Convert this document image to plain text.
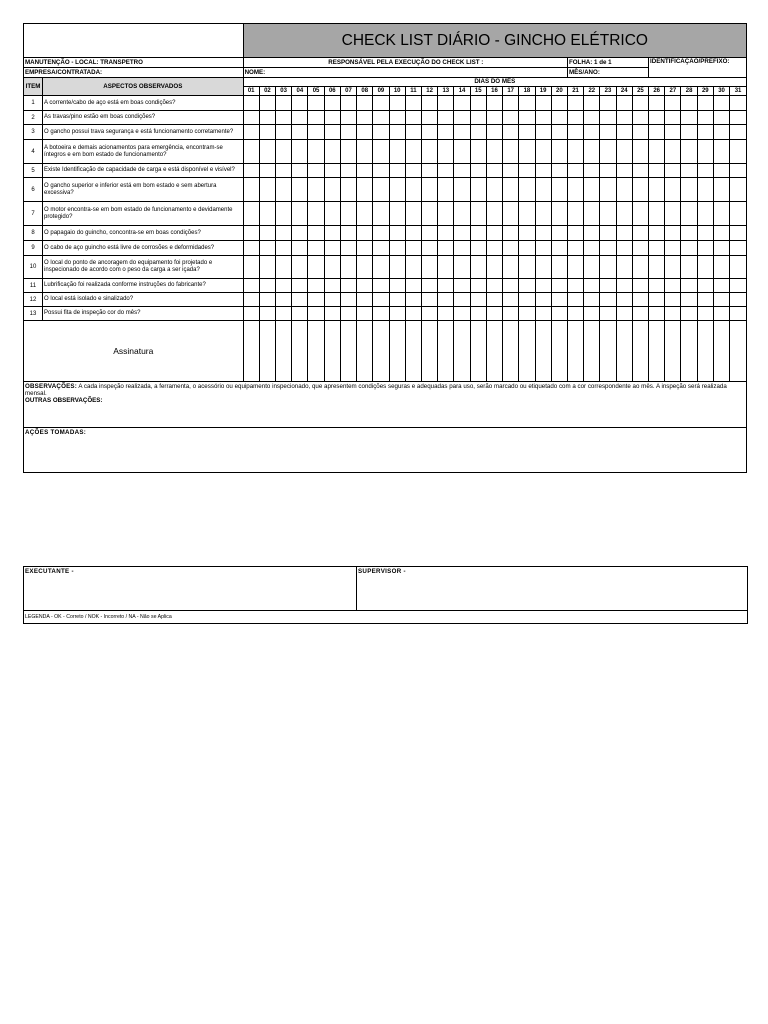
		CHECK LIST DIÁRIO - GINCHO ELÉTRICO																														
MANUTENÇÃO - LOCAL: TRANSPETRO		RESPONSÁVEL PELA EXECUÇÃO DO CHECK LIST :																				FOLHA: 1 de 1					IDENTIFICAÇÃO/PREFIXO:					
EMPRESA/CONTRATADA:		NOME:																				MÊS/ANO:										
ITEM	ASPECTOS OBSERVADOS	DIAS DO MÊS																														
		01	02	03	04	05	06	07	08	09	10	11	12	13	14	15	16	17	18	19	20	21	22	23	24	25	26	27	28	29	30	31
1	A corrente/cabo de aço está em boas condições?																															
2	As travas/pino estão em boas condições?																															
3	O gancho possui trava segurança e está funcionamento corretamente?																															
4	A botoeira e demais acionamentos para emergência, encontram-se íntegros e em bom estado de funcionamento?																															
5	Existe Identificação de capacidade de carga e está disponível e visível?																															
6	O gancho superior e inferior está em bom estado e sem abertura excessiva?																															
7	O motor encontra-se em bom estado de funcionamento e devidamente protegido?																															
8	O papagaio do guincho, concontra-se em boas condições?																															
9	O cabo de aço guincho está livre de corrosões e deformidades?																															
10	O local do ponto de ancoragem do equipamento foi projetado e inspecionado de acordo com o peso da carga a ser içada?																															
11	Lubrificação foi realizada conforme instruções do fabricante?																															
12	O local está isolado e sinalizado?																															
13	Possui fita de inspeção cor do mês?																															
Assinatura																																
OBSERVAÇÕES: A cada inspeção realizada, a ferramenta, o acessório ou equipamento inspecionado, que apresentem condições seguras e adequadas para uso, serão marcado ou etiquetado com a cor correspondente ao mês. A inspeção será realizada mensal.
OUTRAS OBSERVAÇÕES:

AÇÕES TOMADAS:
EXECUTANTE -	SUPERVISOR -
LEGENDA - OK - Correto / NOK - Incorreto / NA - Não se Aplica
